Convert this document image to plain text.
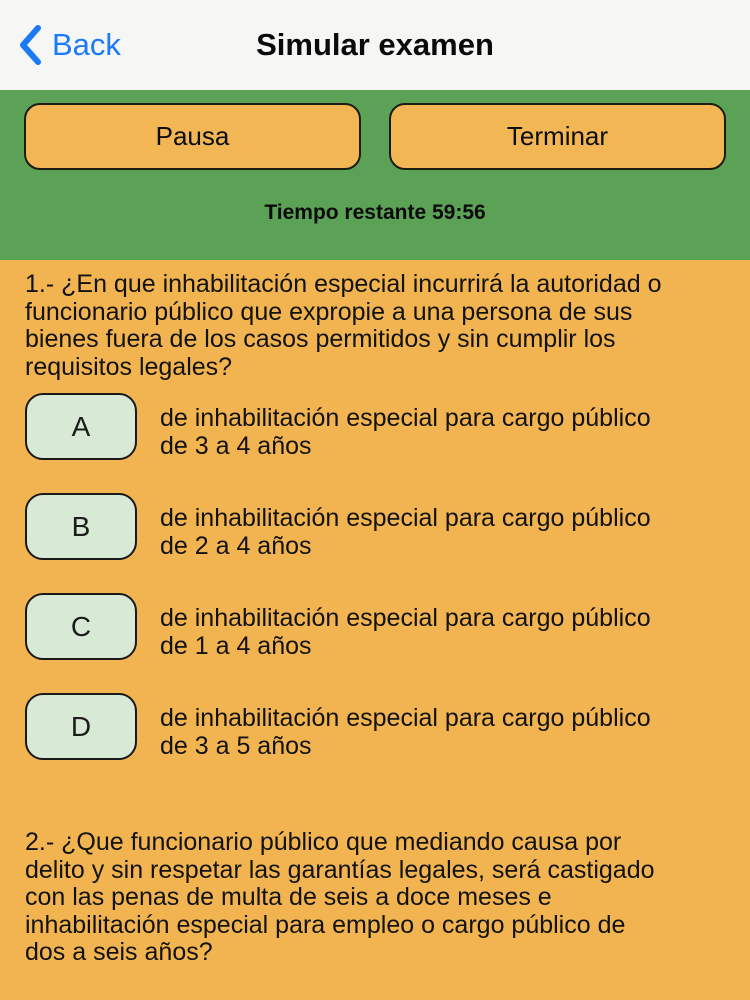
Back	Simular examen
Pausa	Terminar
Tiempo restante 59:56

1.- ¿En que inhabilitación especial incurrirá la autoridad o funcionario público que expropie a una persona de sus bienes fuera de los casos permitidos y sin cumplir los requisitos legales?

A	de inhabilitación especial para cargo público de 3 a 4 años
B	de inhabilitación especial para cargo público de 2 a 4 años
C	de inhabilitación especial para cargo público de 1 a 4 años
D	de inhabilitación especial para cargo público de 3 a 5 años

2.- ¿Que funcionario público que mediando causa por delito y sin respetar las garantías legales, será castigado con las penas de multa de seis a doce meses e inhabilitación especial para empleo o cargo público de dos a seis años?
